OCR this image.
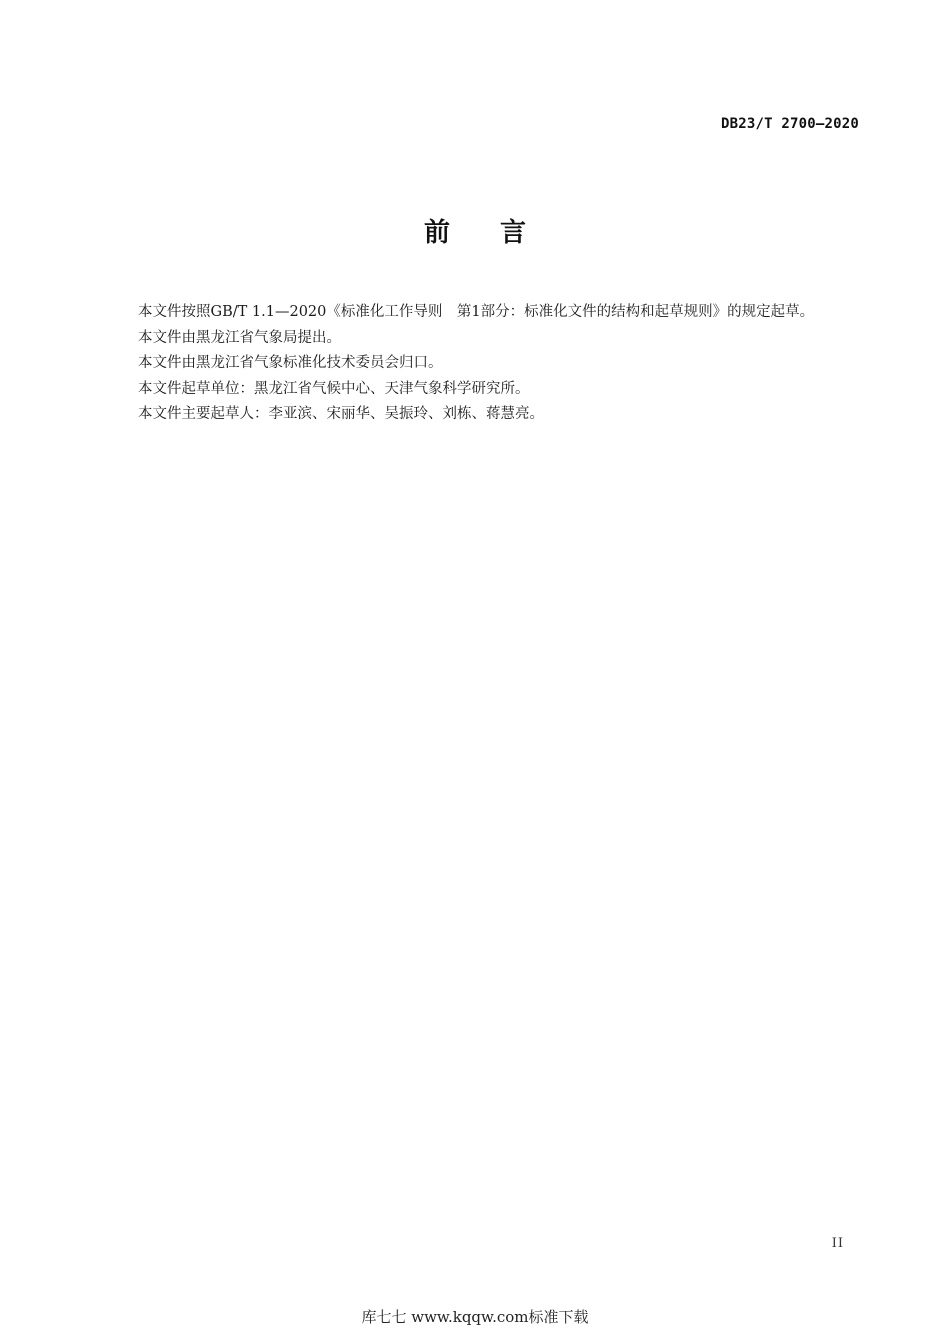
DB23/T 2700—2020
前 言

本文件按照GB/T 1.1—2020《标准化工作导则　第1部分：标准化文件的结构和起草规则》的规定起草。

本文件由黑龙江省气象局提出。

本文件由黑龙江省气象标准化技术委员会归口。

本文件起草单位：黑龙江省气候中心、天津气象科学研究所。

本文件主要起草人：李亚滨、宋丽华、吴振玲、刘栋、蒋慧亮。

II
库七七 www.kqqw.com标准下载
